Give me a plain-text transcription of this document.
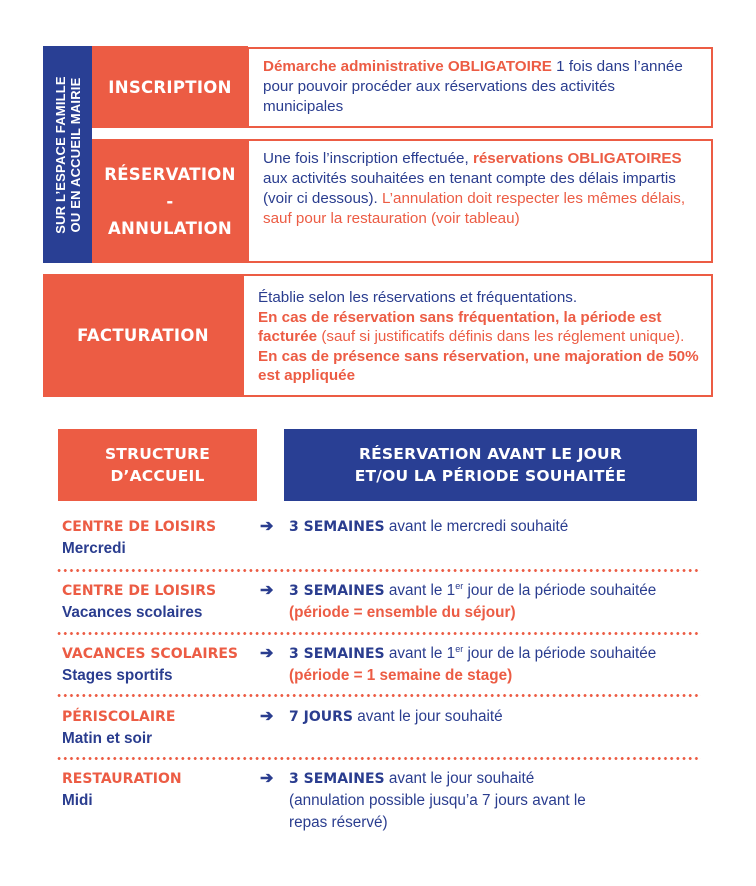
SUR L’ESPACE FAMILLE OU EN ACCUEIL MAIRIE INSCRIPTION
Démarche administrative OBLIGATOIRE 1 fois dans l’année pour pouvoir procéder aux réservations des activités municipales
RÉSERVATION
-
ANNULATION
Une fois l’inscription effectuée, réservations OBLIGATOIRES aux activités souhaitées en tenant compte des délais impartis (voir ci dessous). L’annulation doit respecter les mêmes délais, sauf pour la restauration (voir tableau)
FACTURATION
Établie selon les réservations et fréquentations.
En cas de réservation sans fréquentation, la période est facturée (sauf si justificatifs définis dans les réglement unique). En cas de présence sans réservation, une majoration de 50% est appliquée
STRUCTURE
D’ACCUEIL
RÉSERVATION AVANT LE JOUR
ET/OU LA PÉRIODE SOUHAITÉE
CENTRE DE LOISIRS
Mercredi
➔ 3 SEMAINES avant le mercredi souhaité
CENTRE DE LOISIRS
Vacances scolaires
➔ 3 SEMAINES avant le 1er jour de la période souhaitée
(période = ensemble du séjour)
VACANCES SCOLAIRES
Stages sportifs
➔ 3 SEMAINES avant le 1er jour de la période souhaitée
(période = 1 semaine de stage)
PÉRISCOLAIRE
Matin et soir
➔ 7 JOURS avant le jour souhaité
RESTAURATION
Midi
➔ 3 SEMAINES avant le jour souhaité
(annulation possible jusqu’a 7 jours avant le repas réservé)
